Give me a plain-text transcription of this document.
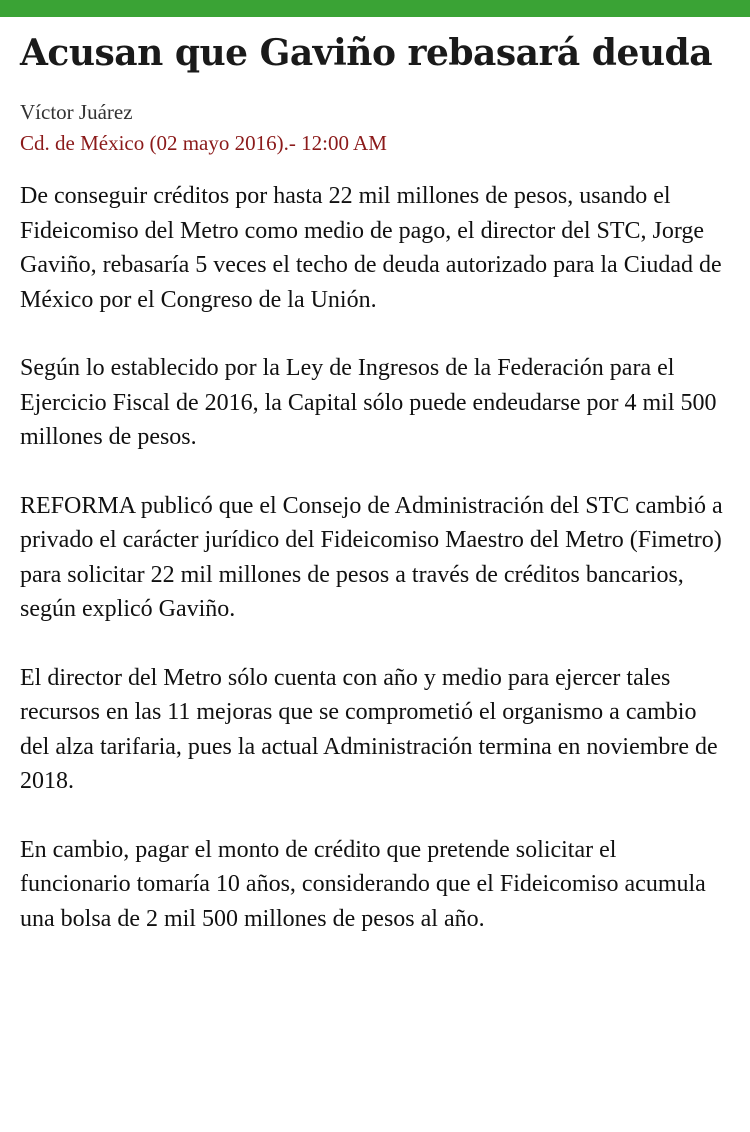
Acusan que Gaviño rebasará deuda
Víctor Juárez
Cd. de México (02 mayo 2016).- 12:00 AM

De conseguir créditos por hasta 22 mil millones de pesos, usando el Fideicomiso del Metro como medio de pago, el director del STC, Jorge Gaviño, rebasaría 5 veces el techo de deuda autorizado para la Ciudad de México por el Congreso de la Unión.

Según lo establecido por la Ley de Ingresos de la Federación para el Ejercicio Fiscal de 2016, la Capital sólo puede endeudarse por 4 mil 500 millones de pesos.

REFORMA publicó que el Consejo de Administración del STC cambió a privado el carácter jurídico del Fideicomiso Maestro del Metro (Fimetro) para solicitar 22 mil millones de pesos a través de créditos bancarios, según explicó Gaviño.

El director del Metro sólo cuenta con año y medio para ejercer tales recursos en las 11 mejoras que se comprometió el organismo a cambio del alza tarifaria, pues la actual Administración termina en noviembre de 2018.

En cambio, pagar el monto de crédito que pretende solicitar el funcionario tomaría 10 años, considerando que el Fideicomiso acumula una bolsa de 2 mil 500 millones de pesos al año.
